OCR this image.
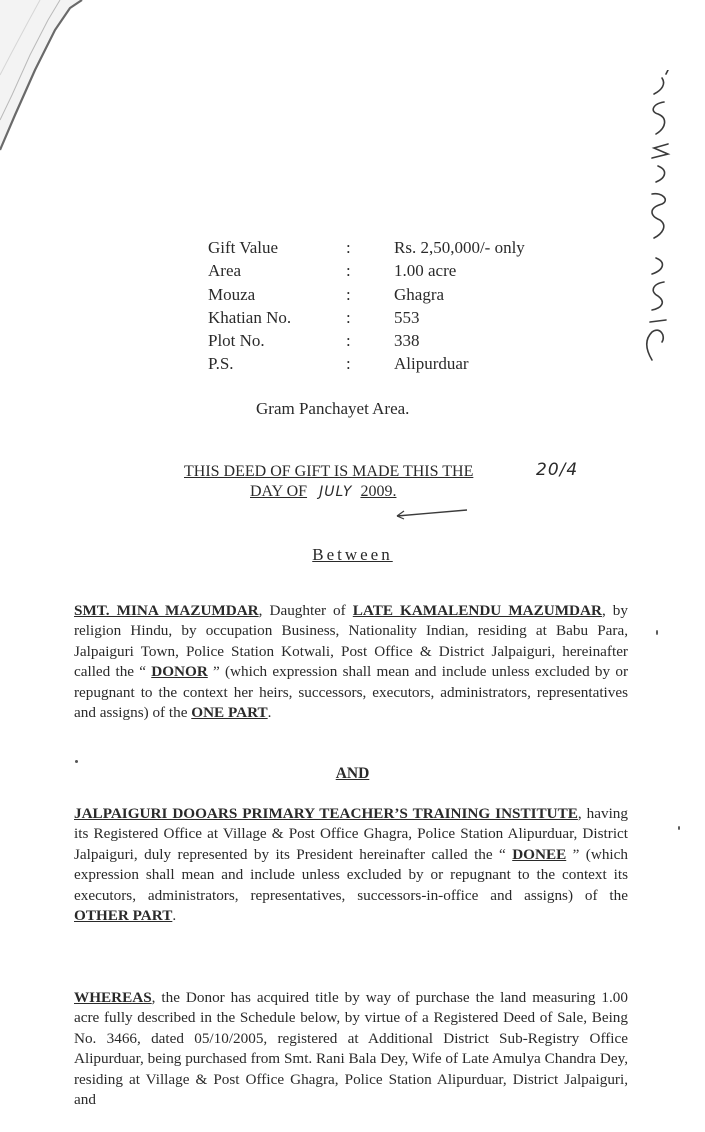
Gift Value	:	Rs. 2,50,000/- only
Area	:	1.00 acre
Mouza	:	Ghagra
Khatian No.	:	553
Plot No.	:	338
P.S.	:	Alipurduar
Gram Panchayet Area.
THIS DEED OF GIFT IS MADE THIS THE
DAY OF JULY 2009.
20/4
Between

SMT. MINA MAZUMDAR, Daughter of LATE KAMALENDU MAZUMDAR, by religion Hindu, by occupation Business, Nationality Indian, residing at Babu Para, Jalpaiguri Town, Police Station Kotwali, Post Office & District Jalpaiguri, hereinafter called the “ DONOR ” (which expression shall mean and include unless excluded by or repugnant to the context her heirs, successors, executors, administrators, representatives and assigns) of the ONE PART.

AND

JALPAIGURI DOOARS PRIMARY TEACHER’S TRAINING INSTITUTE, having its Registered Office at Village & Post Office Ghagra, Police Station Alipurduar, District Jalpaiguri, duly represented by its President hereinafter called the “ DONEE ” (which expression shall mean and include unless excluded by or repugnant to the context its executors, administrators, representatives, successors-in-office and assigns) of the OTHER PART.

WHEREAS, the Donor has acquired title by way of purchase the land measuring 1.00 acre fully described in the Schedule below, by virtue of a Registered Deed of Sale, Being No. 3466, dated 05/10/2005, registered at Additional District Sub-Registry Office Alipurduar, being purchased from Smt. Rani Bala Dey, Wife of Late Amulya Chandra Dey, residing at Village & Post Office Ghagra, Police Station Alipurduar, District Jalpaiguri, and
